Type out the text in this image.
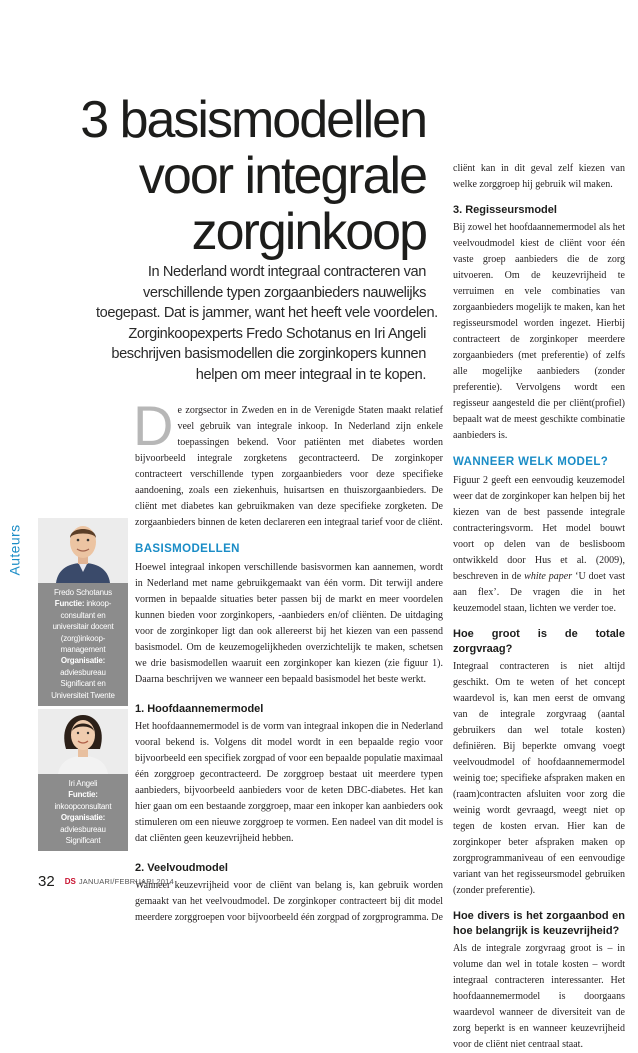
3 basismodellen
voor integrale
zorginkoop
In Nederland wordt integraal contracteren van
verschillende typen zorgaanbieders nauwelijks
toegepast. Dat is jammer, want het heeft vele voordelen.
Zorginkoopexperts Fredo Schotanus en Iri Angeli
beschrijven basismodellen die zorginkopers kunnen
helpen om meer integraal in te kopen.
D e zorgsector in Zweden en in de Verenigde Staten maakt relatief veel gebruik van integrale inkoop. In Nederland zijn enkele toepassingen bekend. Voor patiënten met diabetes worden bijvoorbeeld integrale zorgketens gecontracteerd. De zorginkoper contracteert verschillende typen zorgaanbieders voor deze specifieke aandoening, zoals een ziekenhuis, huisartsen en thuiszorgaanbieders. De cliënt met diabetes kan gebruikmaken van deze specifieke zorgketen. De zorgaanbieders binnen de keten declareren een integraal tarief voor de cliënt.

BASISMODELLEN

Hoewel integraal inkopen verschillende basisvormen kan aannemen, wordt in Nederland met name gebruikgemaakt van één vorm. Dit terwijl andere vormen in bepaalde situaties beter passen bij de markt en meer voordelen kunnen bieden voor zorginkopers, -aanbieders en/of cliënten. De uitdaging voor de zorginkoper ligt dan ook allereerst bij het kiezen van een passend basismodel. Om de keuzemogelijkheden overzichtelijk te maken, schetsen we drie basismodellen waaruit een zorginkoper kan kiezen (zie figuur 1). Daarna beschrijven we wanneer een bepaald basismodel het beste werkt.

1. Hoofdaannemermodel

Het hoofdaannemermodel is de vorm van integraal inkopen die in Nederland vooral bekend is. Volgens dit model wordt in een bepaalde regio voor bijvoorbeeld een specifiek zorgpad of voor een bepaalde populatie maximaal één zorggroep gecontracteerd. De zorggroep bestaat uit meerdere typen aanbieders, bijvoorbeeld aanbieders voor de keten DBC-diabetes. Het kan hier gaan om een bestaande zorggroep, maar een inkoper kan aanbieders ook stimuleren om een nieuwe zorggroep te vormen. Een nadeel van dit model is dat cliënten geen keuzevrijheid hebben.

2. Veelvoudmodel

Wanneer keuzevrijheid voor de cliënt van belang is, kan gebruik worden gemaakt van het veelvoudmodel. De zorginkoper contracteert bij dit model meerdere zorggroepen voor bijvoorbeeld één zorgpad of zorgprogramma. De

cliënt kan in dit geval zelf kiezen van welke zorggroep hij gebruik wil maken.

3. Regisseursmodel

Bij zowel het hoofdaannemermodel als het veelvoudmodel kiest de cliënt voor één vaste groep aanbieders die de zorg uitvoeren. Om de keuzevrijheid te verruimen en vele combinaties van zorgaanbieders mogelijk te maken, kan het regisseursmodel worden ingezet. Hierbij contracteert de zorginkoper meerdere zorgaanbieders (met preferentie) of zelfs alle mogelijke aanbieders (zonder preferentie). Vervolgens wordt een regisseur aangesteld die per cliënt(profiel) bepaalt wat de meest geschikte combinatie aanbieders is.

WANNEER WELK MODEL?

Figuur 2 geeft een eenvoudig keuzemodel weer dat de zorginkoper kan helpen bij het kiezen van de best passende integrale contracteringsvorm. Het model bouwt voort op delen van de beslisboom ontwikkeld door Hus et al. (2009), beschreven in de white paper ‘U doet vast aan flex’. De vragen die in het keuzemodel staan, lichten we verder toe.

Hoe groot is de totale zorgvraag?

Integraal contracteren is niet altijd geschikt. Om te weten of het concept waardevol is, kan men eerst de omvang van de integrale zorgvraag (aantal gebruikers dan wel totale kosten) definiëren. Bij beperkte omvang voegt veelvoudmodel of hoofdaannemermodel weinig toe; specifieke afspraken maken en (raam)contracten afsluiten voor zorg die weinig wordt gevraagd, weegt niet op tegen de kosten ervan. Hier kan de zorginkoper beter afspraken maken op zorgprogrammaniveau of een eenvoudige variant van het regisseursmodel gebruiken (zonder preferentie).

Hoe divers is het zorgaanbod en hoe belangrijk is keuzevrijheid?

Als de integrale zorgvraag groot is – in volume dan wel in totale kosten – wordt integraal contracteren interessanter. Het hoofdaannemermodel is doorgaans waardevol wanneer de diversiteit van de zorg beperkt is en wanneer keuzevrijheid voor de cliënt niet centraal staat.

Auteurs
Fredo Schotanus
Functie: inkoop-
consultant en
universitair docent
(zorg)inkoop-
management
Organisatie:
adviesbureau
Significant en
Universiteit Twente
Iri Angeli
Functie:
inkoopconsultant
Organisatie:
adviesbureau
Significant
32 DS JANUARI/FEBRUARI 2014
